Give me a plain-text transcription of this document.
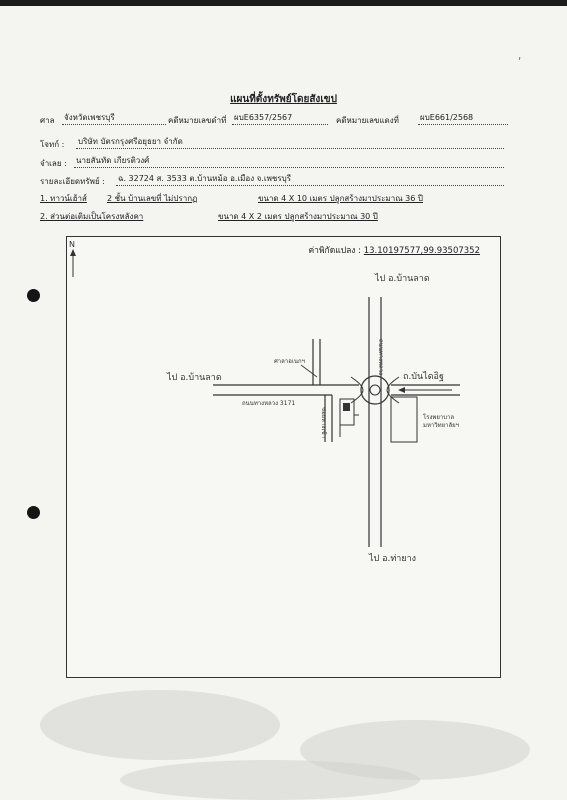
ʹ
แผนที่ตั้งทรัพย์โดยสังเขป
ศาล จังหวัดเพชรบุรี	คดีหมายเลขดำที่ ผบE6357/2567	คดีหมายเลขแดงที่	ผบE661/2568
โจทก์ : บริษัท บัตรกรุงศรีอยุธยา จำกัด
จำเลย : นายสันทัด เกียรติวงศ์
รายละเอียดทรัพย์ : ฉ. 32724 ส. 3533 ต.บ้านหม้อ อ.เมือง จ.เพชรบุรี
1. ทาวน์เฮ้าส์	2 ชั้น บ้านเลขที่ ไม่ปรากฏ	ขนาด 4 X 10 เมตร ปลูกสร้างมาประมาณ 36 ปี
2. ส่วนต่อเติมเป็นโครงหลังคา	ขนาด 4 X 2 เมตร ปลูกสร้างมาประมาณ 30 ปี
ค่าพิกัดแปลง : 13.10197577,99.93507352
N
ไป อ.บ้านลาด
ไป อ.บ้านลาด	ถ.บันไดอิฐ
ไป อ.ท่ายาง
ศาลาอเนกฯ
ถนนทางหลวง 3171
โรงพยาบาล
มหาวิทยาลัยฯ
ถนนทางหลวง
ซอยทางเข้า
